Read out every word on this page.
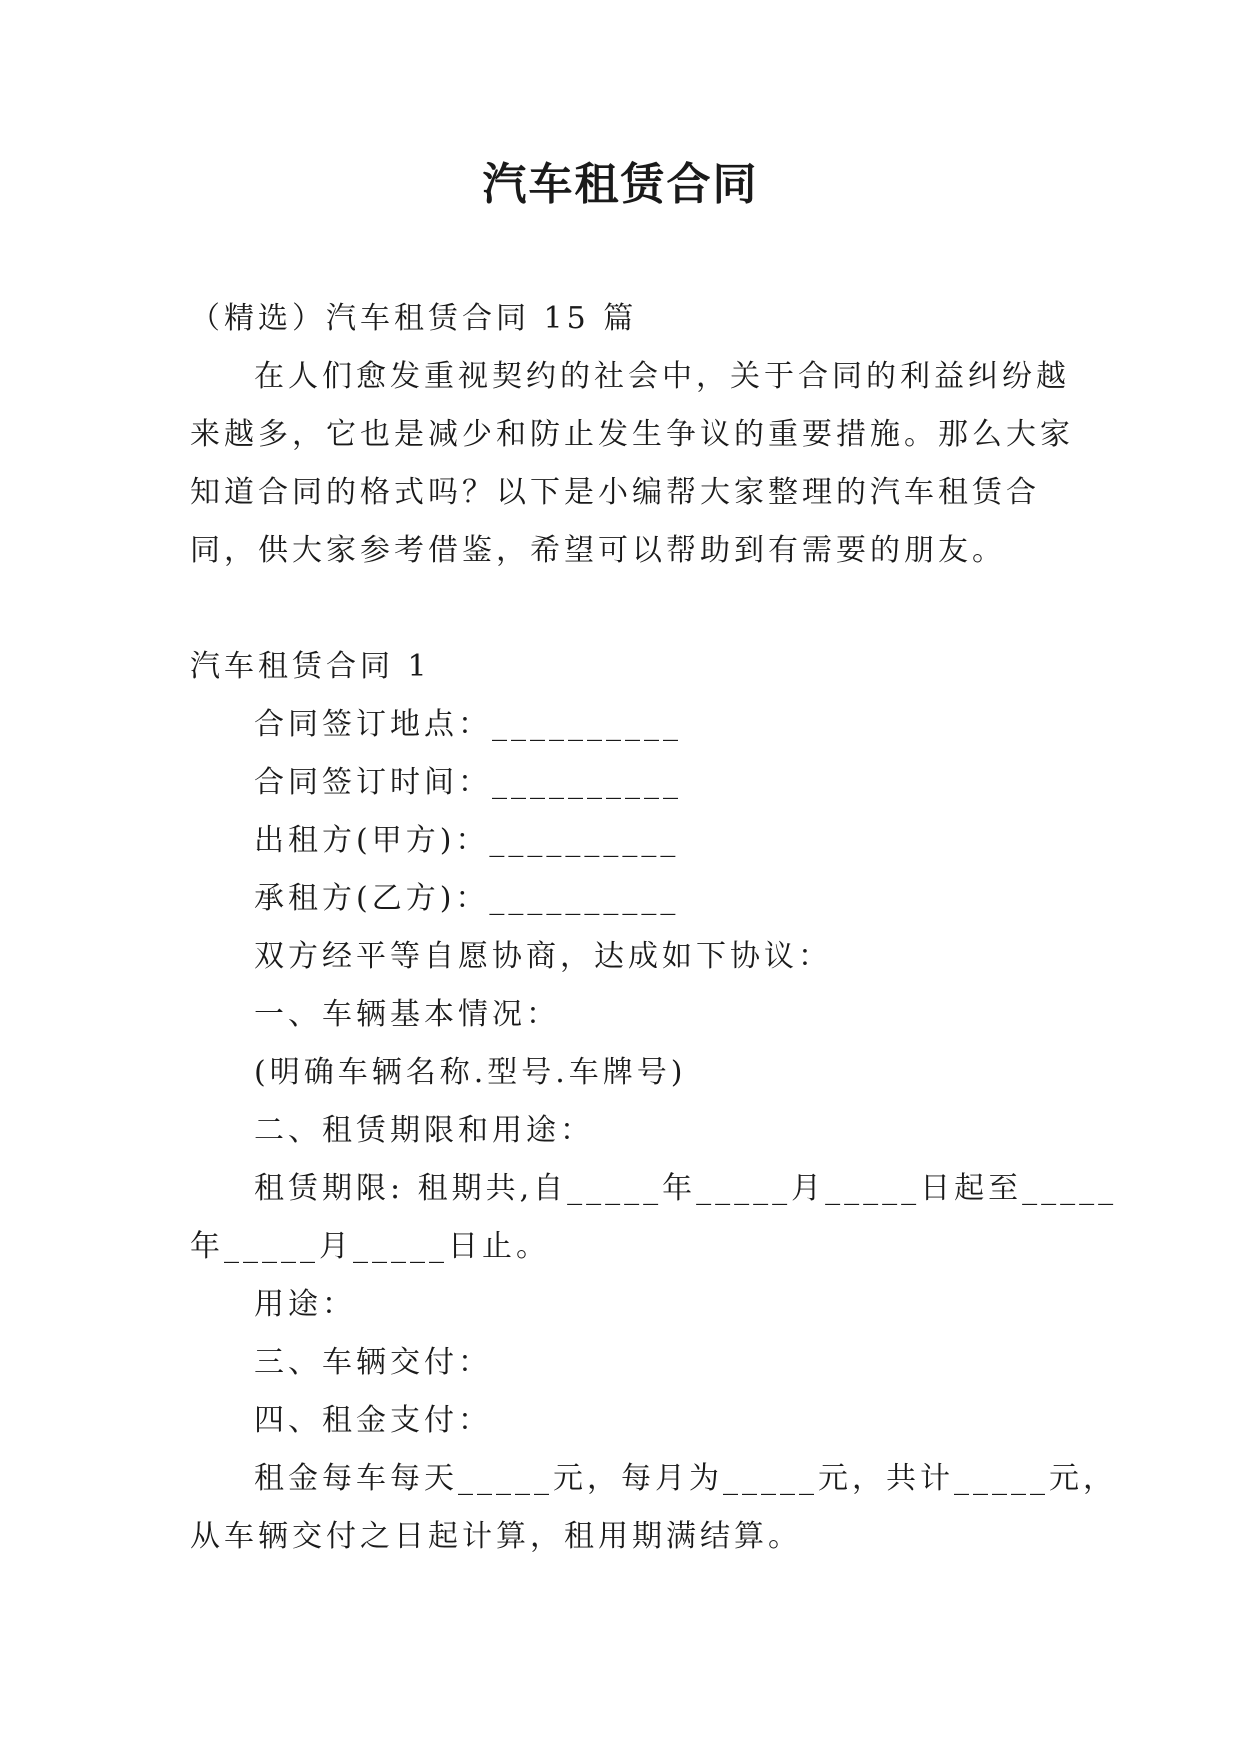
汽车租赁合同
（精选）汽车租赁合同 15 篇
在人们愈发重视契约的社会中，关于合同的利益纠纷越
来越多，它也是减少和防止发生争议的重要措施。那么大家
知道合同的格式吗？以下是小编帮大家整理的汽车租赁合
同，供大家参考借鉴，希望可以帮助到有需要的朋友。
汽车租赁合同 1
合同签订地点：__________
合同签订时间：__________
出租方(甲方)：__________
承租方(乙方)：__________
双方经平等自愿协商，达成如下协议：
一、车辆基本情况：
(明确车辆名称.型号.车牌号)
二、租赁期限和用途：
租赁期限: 租期共,自_____年_____月_____日起至_____
年_____月_____日止。
用途：
三、车辆交付：
四、租金支付：
租金每车每天_____元，每月为_____元，共计_____元，
从车辆交付之日起计算，租用期满结算。
